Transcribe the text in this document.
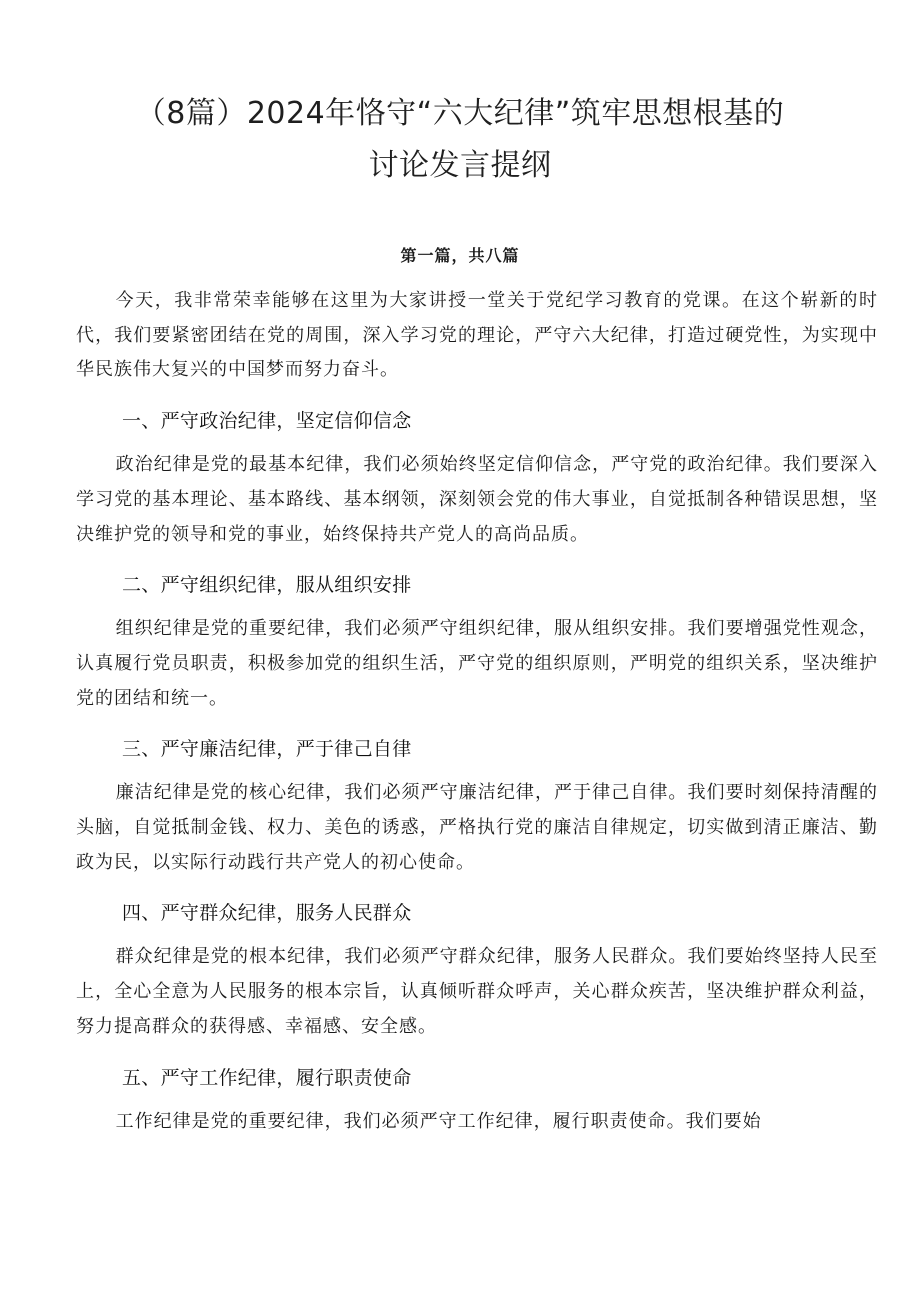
（8篇）2024年恪守“六大纪律”筑牢思想根基的
讨论发言提纲
第一篇，共八篇

今天，我非常荣幸能够在这里为大家讲授一堂关于党纪学习教育的党课。在这个崭新的时代，我们要紧密团结在党的周围，深入学习党的理论，严守六大纪律，打造过硬党性，为实现中华民族伟大复兴的中国梦而努力奋斗。

一、严守政治纪律，坚定信仰信念

政治纪律是党的最基本纪律，我们必须始终坚定信仰信念，严守党的政治纪律。我们要深入学习党的基本理论、基本路线、基本纲领，深刻领会党的伟大事业，自觉抵制各种错误思想，坚决维护党的领导和党的事业，始终保持共产党人的高尚品质。

二、严守组织纪律，服从组织安排

组织纪律是党的重要纪律，我们必须严守组织纪律，服从组织安排。我们要增强党性观念，认真履行党员职责，积极参加党的组织生活，严守党的组织原则，严明党的组织关系，坚决维护党的团结和统一。

三、严守廉洁纪律，严于律己自律

廉洁纪律是党的核心纪律，我们必须严守廉洁纪律，严于律己自律。我们要时刻保持清醒的头脑，自觉抵制金钱、权力、美色的诱惑，严格执行党的廉洁自律规定，切实做到清正廉洁、勤政为民，以实际行动践行共产党人的初心使命。

四、严守群众纪律，服务人民群众

群众纪律是党的根本纪律，我们必须严守群众纪律，服务人民群众。我们要始终坚持人民至上，全心全意为人民服务的根本宗旨，认真倾听群众呼声，关心群众疾苦，坚决维护群众利益，努力提高群众的获得感、幸福感、安全感。

五、严守工作纪律，履行职责使命

工作纪律是党的重要纪律，我们必须严守工作纪律，履行职责使命。我们要始
